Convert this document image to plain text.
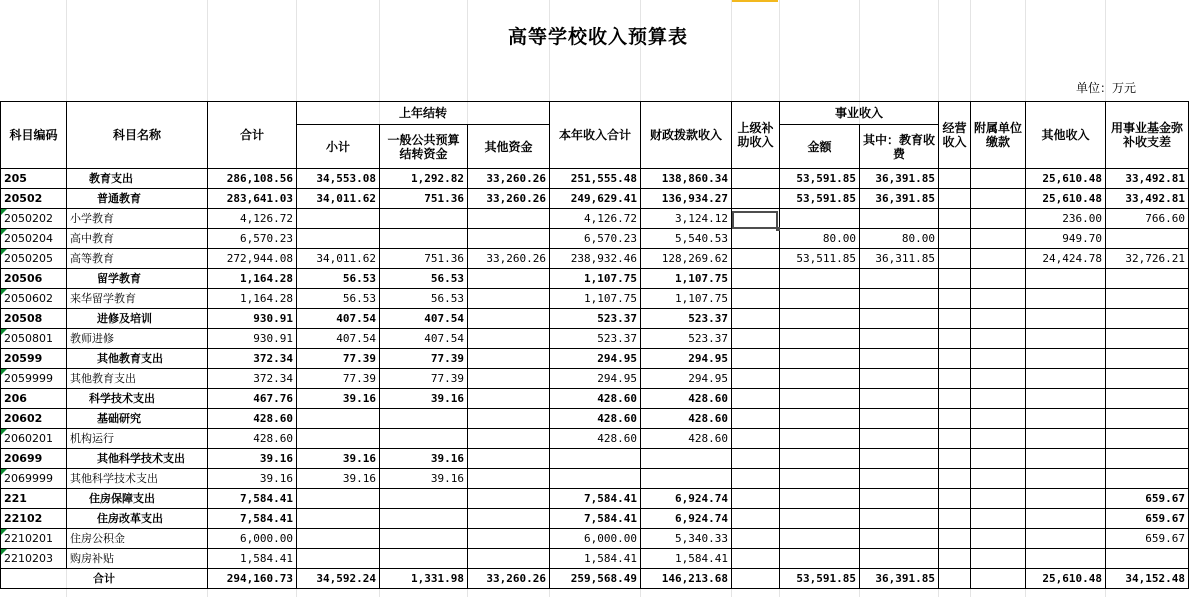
高等学校收入预算表
单位：万元
科目编码	科目名称	合计	上年结转			本年收入合计	财政拨款收入	上级补助收入	事业收入		经营收入	附属单位缴款	其他收入	用事业基金弥补收支差
			小计	一般公共预算结转资金	其他资金				金额	其中：教育收费				
205	教育支出	286,108.56	34,553.08	1,292.82	33,260.26	251,555.48	138,860.34		53,591.85	36,391.85			25,610.48	33,492.81
20502	普通教育	283,641.03	34,011.62	751.36	33,260.26	249,629.41	136,934.27		53,591.85	36,391.85			25,610.48	33,492.81
2050202	小学教育	4,126.72				4,126.72	3,124.12						236.00	766.60
2050204	高中教育	6,570.23				6,570.23	5,540.53		80.00	80.00			949.70	
2050205	高等教育	272,944.08	34,011.62	751.36	33,260.26	238,932.46	128,269.62		53,511.85	36,311.85			24,424.78	32,726.21
20506	留学教育	1,164.28	56.53	56.53		1,107.75	1,107.75							
2050602	来华留学教育	1,164.28	56.53	56.53		1,107.75	1,107.75							
20508	进修及培训	930.91	407.54	407.54		523.37	523.37							
2050801	教师进修	930.91	407.54	407.54		523.37	523.37							
20599	其他教育支出	372.34	77.39	77.39		294.95	294.95							
2059999	其他教育支出	372.34	77.39	77.39		294.95	294.95							
206	科学技术支出	467.76	39.16	39.16		428.60	428.60							
20602	基础研究	428.60				428.60	428.60							
2060201	机构运行	428.60				428.60	428.60							
20699	其他科学技术支出	39.16	39.16	39.16										
2069999	其他科学技术支出	39.16	39.16	39.16										
221	住房保障支出	7,584.41				7,584.41	6,924.74							659.67
22102	住房改革支出	7,584.41				7,584.41	6,924.74							659.67
2210201	住房公积金	6,000.00				6,000.00	5,340.33							659.67
2210203	购房补贴	1,584.41				1,584.41	1,584.41							
合计		294,160.73	34,592.24	1,331.98	33,260.26	259,568.49	146,213.68		53,591.85	36,391.85			25,610.48	34,152.48
